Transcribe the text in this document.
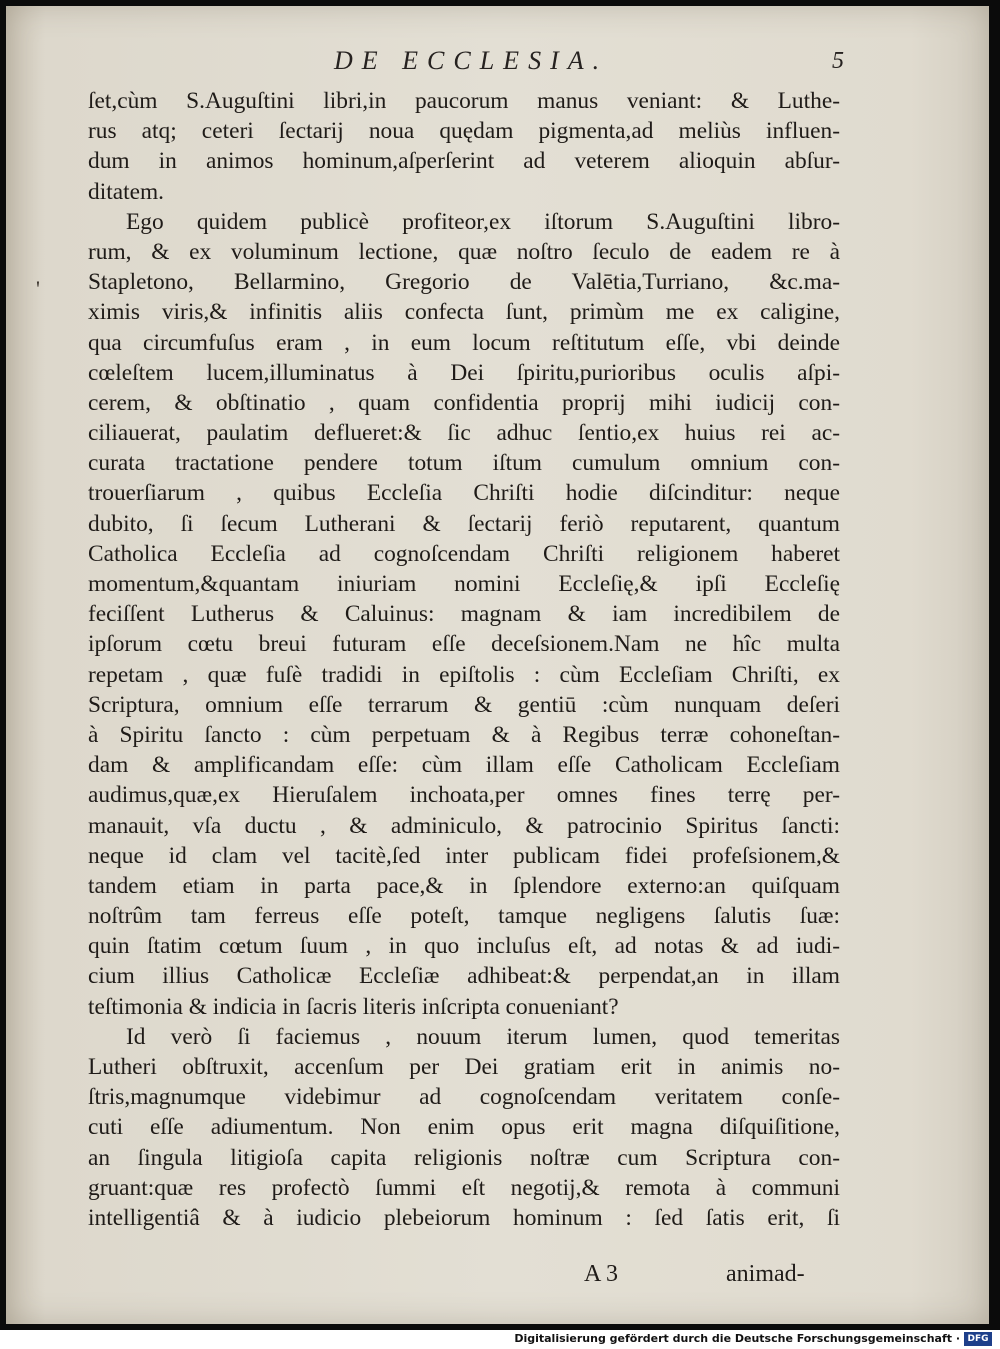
DE ECCLESIA.	5
'
ſet,cùm S.Auguſtini libri,in paucorum manus veniant: & Luthe-
rus atq; ceteri ſectarij noua quędam pigmenta,ad meliùs influen-
dum in animos hominum,aſperſerint ad veterem alioquin abſur-
ditatem.
Ego quidem publicè profiteor,ex iſtorum S.Auguſtini libro-
rum, & ex voluminum lectione, quæ noſtro ſeculo de eadem re à
Stapletono, Bellarmino, Gregorio de Valētia,Turriano, &c.ma-
ximis viris,& infinitis aliis confecta ſunt, primùm me ex caligine,
qua circumfuſus eram , in eum locum reſtitutum eſſe, vbi deinde
cœleſtem lucem,illuminatus à Dei ſpiritu,purioribus oculis aſpi-
cerem, & obſtinatio , quam confidentia proprij mihi iudicij con-
ciliauerat, paulatim deflueret:& ſic adhuc ſentio,ex huius rei ac-
curata tractatione pendere totum iſtum cumulum omnium con-
trouerſiarum , quibus Eccleſia Chriſti hodie diſcinditur: neque
dubito, ſi ſecum Lutherani & ſectarij feriò reputarent, quantum
Catholica Eccleſia ad cognoſcendam Chriſti religionem haberet
momentum,&quantam iniuriam nomini Eccleſię,& ipſi Eccleſię
feciſſent Lutherus & Caluinus: magnam & iam incredibilem de
ipſorum cœtu breui futuram eſſe deceſsionem.Nam ne hîc multa
repetam , quæ fuſè tradidi in epiſtolis : cùm Eccleſiam Chriſti, ex
Scriptura, omnium eſſe terrarum & gentiū :cùm nunquam deſeri
à Spiritu ſancto : cùm perpetuam & à Regibus terræ cohoneſtan-
dam & amplificandam eſſe: cùm illam eſſe Catholicam Eccleſiam
audimus,quæ,ex Hieruſalem inchoata,per omnes fines terrę per-
manauit, vſa ductu , & adminiculo, & patrocinio Spiritus ſancti:
neque id clam vel tacitè,ſed inter publicam fidei profeſsionem,&
tandem etiam in parta pace,& in ſplendore externo:an quiſquam
noſtrûm tam ferreus eſſe poteſt, tamque negligens ſalutis ſuæ:
quin ſtatim cœtum ſuum , in quo incluſus eſt, ad notas & ad iudi-
cium illius Catholicæ Eccleſiæ adhibeat:& perpendat,an in illam
teſtimonia & indicia in ſacris literis inſcripta conueniant?
Id verò ſi faciemus , nouum iterum lumen, quod temeritas
Lutheri obſtruxit, accenſum per Dei gratiam erit in animis no-
ſtris,magnumque videbimur ad cognoſcendam veritatem conſe-
cuti eſſe adiumentum. Non enim opus erit magna diſquiſitione,
an ſingula litigioſa capita religionis noſtræ cum Scriptura con-
gruant:quæ res profectò ſummi eſt negotij,& remota à communi
intelligentiâ & à iudicio plebeiorum hominum : ſed ſatis erit, ſi
A 3	animad-
Digitalisierung gefördert durch die Deutsche Forschungsgemeinschaft · DFG
